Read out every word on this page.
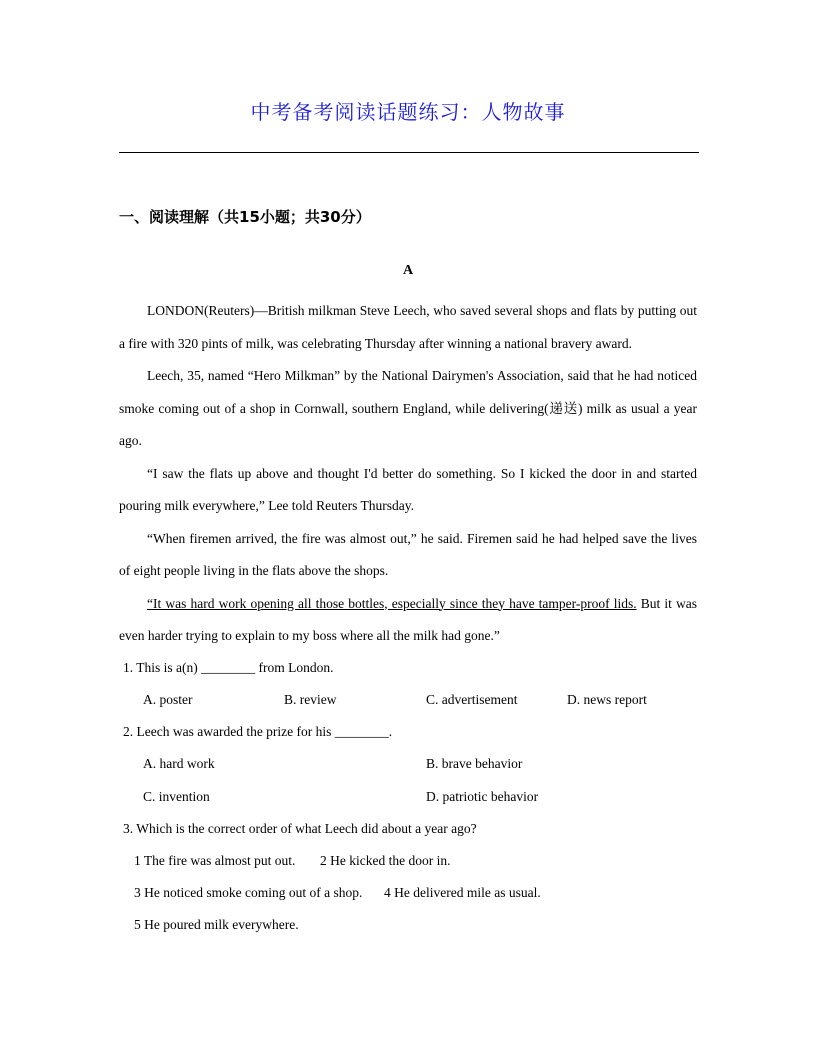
中考备考阅读话题练习：人物故事
一、阅读理解（共15小题；共30分）
A

LONDON(Reuters)—British milkman Steve Leech, who saved several shops and flats by putting out a fire with 320 pints of milk, was celebrating Thursday after winning a national bravery award.

Leech, 35, named “Hero Milkman” by the National Dairymen's Association, said that he had noticed smoke coming out of a shop in Cornwall, southern England, while delivering(递送) milk as usual a year ago.

“I saw the flats up above and thought I'd better do something. So I kicked the door in and started pouring milk everywhere,” Lee told Reuters Thursday.

“When firemen arrived, the fire was almost out,” he said. Firemen said he had helped save the lives of eight people living in the flats above the shops.

“It was hard work opening all those bottles, especially since they have tamper-proof lids. But it was even harder trying to explain to my boss where all the milk had gone.”

1. This is a(n) ________ from London.
A. poster	B. review	C. advertisement	D. news report
2. Leech was awarded the prize for his ________.
A. hard work	B. brave behavior
C. invention	D. patriotic behavior
3. Which is the correct order of what Leech did about a year ago?
1 The fire was almost put out. 2 He kicked the door in.
3 He noticed smoke coming out of a shop. 4 He delivered mile as usual.
5 He poured milk everywhere.
